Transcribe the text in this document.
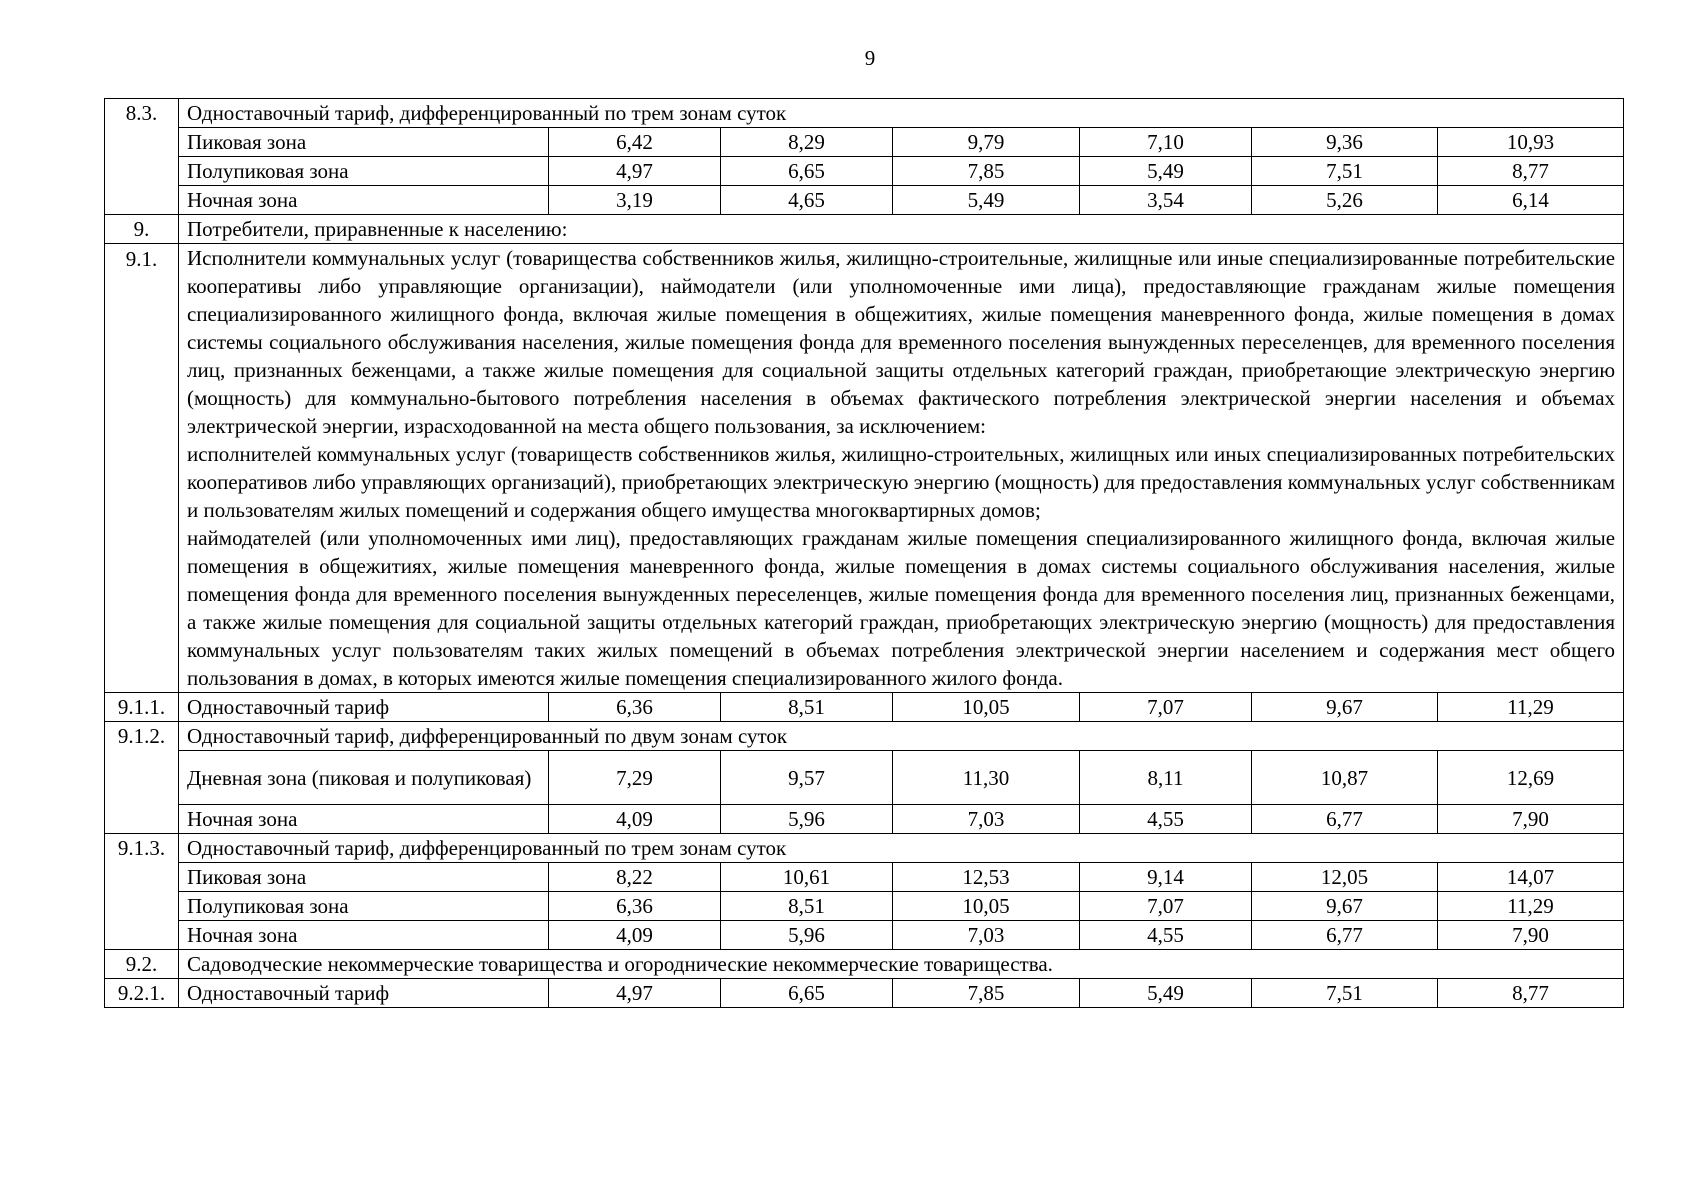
9
8.3.	Одноставочный тариф, дифференцированный по трем зонам суток						
	Пиковая зона	6,42	8,29	9,79	7,10	9,36	10,93
	Полупиковая зона	4,97	6,65	7,85	5,49	7,51	8,77
	Ночная зона	3,19	4,65	5,49	3,54	5,26	6,14
9.	Потребители, приравненные к населению:						
9.1.	Исполнители коммунальных услуг (товарищества собственников жилья, жилищно-строительные, жилищные или иные специализированные потребительские кооперативы либо управляющие организации), наймодатели (или уполномоченные ими лица), предоставляющие гражданам жилые помещения специализированного жилищного фонда, включая жилые помещения в общежитиях, жилые помещения маневренного фонда, жилые помещения в домах системы социального обслуживания населения, жилые помещения фонда для временного поселения вынужденных переселенцев, для временного поселения лиц, признанных беженцами, а также жилые помещения для социальной защиты отдельных категорий граждан, приобретающие электрическую энергию (мощность) для коммунально-бытового потребления населения в объемах фактического потребления электрической энергии населения и объемах электрической энергии, израсходованной на места общего пользования, за исключением:
исполнителей коммунальных услуг (товариществ собственников жилья, жилищно-строительных, жилищных или иных специализированных потребительских кооперативов либо управляющих организаций), приобретающих электрическую энергию (мощность) для предоставления коммунальных услуг собственникам и пользователям жилых помещений и содержания общего имущества многоквартирных домов;
наймодателей (или уполномоченных ими лиц), предоставляющих гражданам жилые помещения специализированного жилищного фонда, включая жилые помещения в общежитиях, жилые помещения маневренного фонда, жилые помещения в домах системы социального обслуживания населения, жилые помещения фонда для временного поселения вынужденных переселенцев, жилые помещения фонда для временного поселения лиц, признанных беженцами, а также жилые помещения для социальной защиты отдельных категорий граждан, приобретающих электрическую энергию (мощность) для предоставления коммунальных услуг пользователям таких жилых помещений в объемах потребления электрической энергии населением и содержания мест общего пользования в домах, в которых имеются жилые помещения специализированного жилого фонда.						

9.1.1.	Одноставочный тариф	6,36	8,51	10,05	7,07	9,67	11,29
9.1.2.	Одноставочный тариф, дифференцированный по двум зонам суток						
	Дневная зона (пиковая и полупиковая)	7,29	9,57	11,30	8,11	10,87	12,69
	Ночная зона	4,09	5,96	7,03	4,55	6,77	7,90
9.1.3.	Одноставочный тариф, дифференцированный по трем зонам суток						
	Пиковая зона	8,22	10,61	12,53	9,14	12,05	14,07
	Полупиковая зона	6,36	8,51	10,05	7,07	9,67	11,29
	Ночная зона	4,09	5,96	7,03	4,55	6,77	7,90
9.2.	Садоводческие некоммерческие товарищества и огороднические некоммерческие товарищества.						
9.2.1.	Одноставочный тариф	4,97	6,65	7,85	5,49	7,51	8,77
